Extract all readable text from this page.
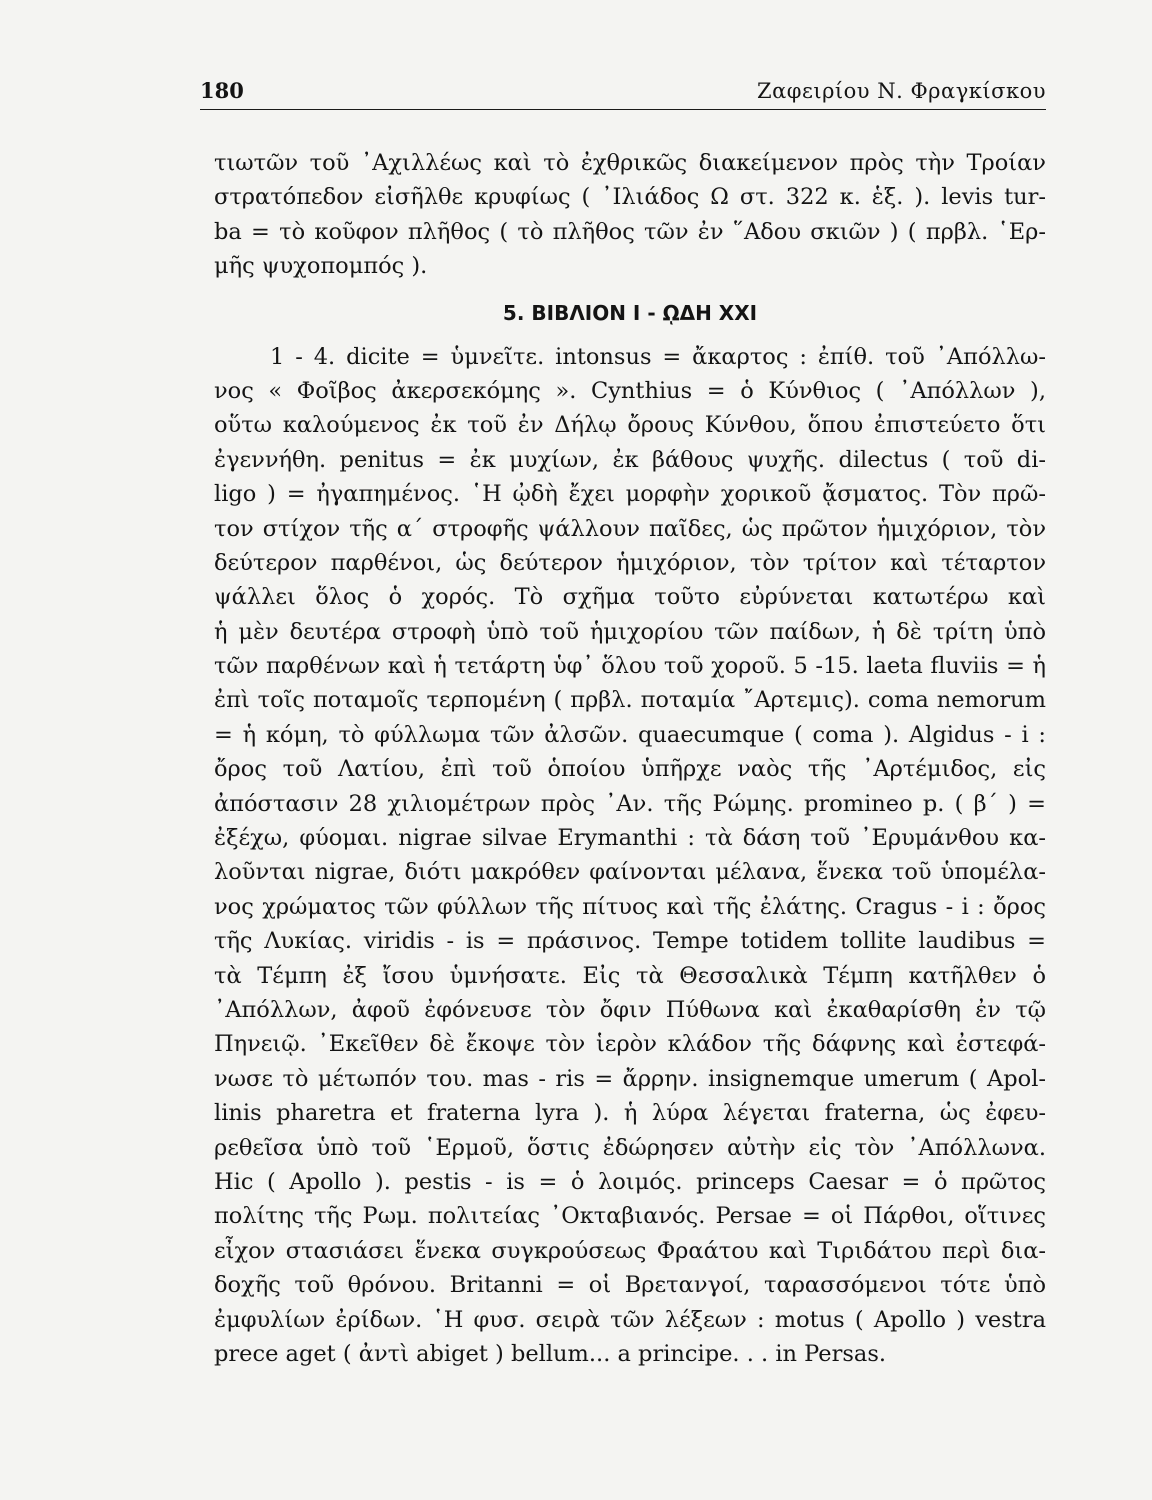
180	Ζαφειρίου Ν. Φραγκίσκου
τιωτῶν τοῦ ᾿Αχιλλέως καὶ τὸ ἐχθρικῶς διακείμενον πρὸς τὴν Τροίαν
στρατόπεδον εἰσῆλθε κρυφίως ( ᾿Ιλιάδος Ω στ. 322 κ. ἑξ. ). levis tur-
ba = τὸ κοῦφον πλῆθος ( τὸ πλῆθος τῶν ἐν ῞Αδου σκιῶν ) ( πρβλ. ῾Ερ-
μῆς ψυχοπομπός ).
5. ΒΙΒΛΙΟΝ Ι - ῼΔΗ XXI
1 - 4. dicite = ὑμνεῖτε. intonsus = ἄκαρτος : ἐπίθ. τοῦ ᾿Απόλλω-
νος « Φοῖβος ἀκερσεκόμης ». Cynthius = ὁ Κύνθιος ( ᾿Απόλλων ),
οὕτω καλούμενος ἐκ τοῦ ἐν Δήλῳ ὄρους Κύνθου, ὅπου ἐπιστεύετο ὅτι
ἐγεννήθη. penitus = ἐκ μυχίων, ἐκ βάθους ψυχῆς. dilectus ( τοῦ di-
ligo ) = ἠγαπημένος. ῾Η ᾠδὴ ἔχει μορφὴν χορικοῦ ᾄσματος. Τὸν πρῶ-
τον στίχον τῆς α΄ στροφῆς ψάλλουν παῖδες, ὡς πρῶτον ἡμιχόριον, τὸν
δεύτερον παρθένοι, ὡς δεύτερον ἡμιχόριον, τὸν τρίτον καὶ τέταρτον
ψάλλει ὅλος ὁ χορός. Τὸ σχῆμα τοῦτο εὐρύνεται κατωτέρω καὶ
ἡ μὲν δευτέρα στροφὴ ὑπὸ τοῦ ἡμιχορίου τῶν παίδων, ἡ δὲ τρίτη ὑπὸ
τῶν παρθένων καὶ ἡ τετάρτη ὑφ᾿ ὅλου τοῦ χοροῦ. 5 -15. laeta fluviis = ἡ
ἐπὶ τοῖς ποταμοῖς τερπομένη ( πρβλ. ποταμία ῎Αρτεμις). coma nemorum
= ἡ κόμη, τὸ φύλλωμα τῶν ἀλσῶν. quaecumque ( coma ). Algidus - i :
ὄρος τοῦ Λατίου, ἐπὶ τοῦ ὁποίου ὑπῆρχε ναὸς τῆς ᾿Αρτέμιδος, εἰς
ἀπόστασιν 28 χιλιομέτρων πρὸς ᾿Αν. τῆς Ρώμης. promineo p. ( β΄ ) =
ἐξέχω, φύομαι. nigrae silvae Erymanthi : τὰ δάση τοῦ ᾿Ερυμάνθου κα-
λοῦνται nigrae, διότι μακρόθεν φαίνονται μέλανα, ἕνεκα τοῦ ὑπομέλα-
νος χρώματος τῶν φύλλων τῆς πίτυος καὶ τῆς ἐλάτης. Cragus - i : ὄρος
τῆς Λυκίας. viridis - is = πράσινος. Tempe totidem tollite laudibus =
τὰ Τέμπη ἐξ ἴσου ὑμνήσατε. Εἰς τὰ Θεσσαλικὰ Τέμπη κατῆλθεν ὁ
᾿Απόλλων, ἀφοῦ ἐφόνευσε τὸν ὄφιν Πύθωνα καὶ ἐκαθαρίσθη ἐν τῷ
Πηνειῷ. ᾿Εκεῖθεν δὲ ἔκοψε τὸν ἱερὸν κλάδον τῆς δάφνης καὶ ἐστεφά-
νωσε τὸ μέτωπόν του. mas - ris = ἄρρην. insignemque umerum ( Apol-
linis pharetra et fraterna lyra ). ἡ λύρα λέγεται fraterna, ὡς ἐφευ-
ρεθεῖσα ὑπὸ τοῦ ῾Ερμοῦ, ὅστις ἐδώρησεν αὐτὴν εἰς τὸν ᾿Απόλλωνα.
Hic ( Apollo ). pestis - is = ὁ λοιμός. princeps Caesar = ὁ πρῶτος
πολίτης τῆς Ρωμ. πολιτείας ᾿Οκταβιανός. Persae = οἱ Πάρθοι, οἵτινες
εἶχον στασιάσει ἕνεκα συγκρούσεως Φραάτου καὶ Τιριδάτου περὶ δια-
δοχῆς τοῦ θρόνου. Britanni = οἱ Βρετανγοί, ταρασσόμενοι τότε ὑπὸ
ἐμφυλίων ἐρίδων. ῾Η φυσ. σειρὰ τῶν λέξεων : motus ( Apollo ) vestra
prece aget ( ἀντὶ abiget ) bellum... a principe. . . in Persas.
